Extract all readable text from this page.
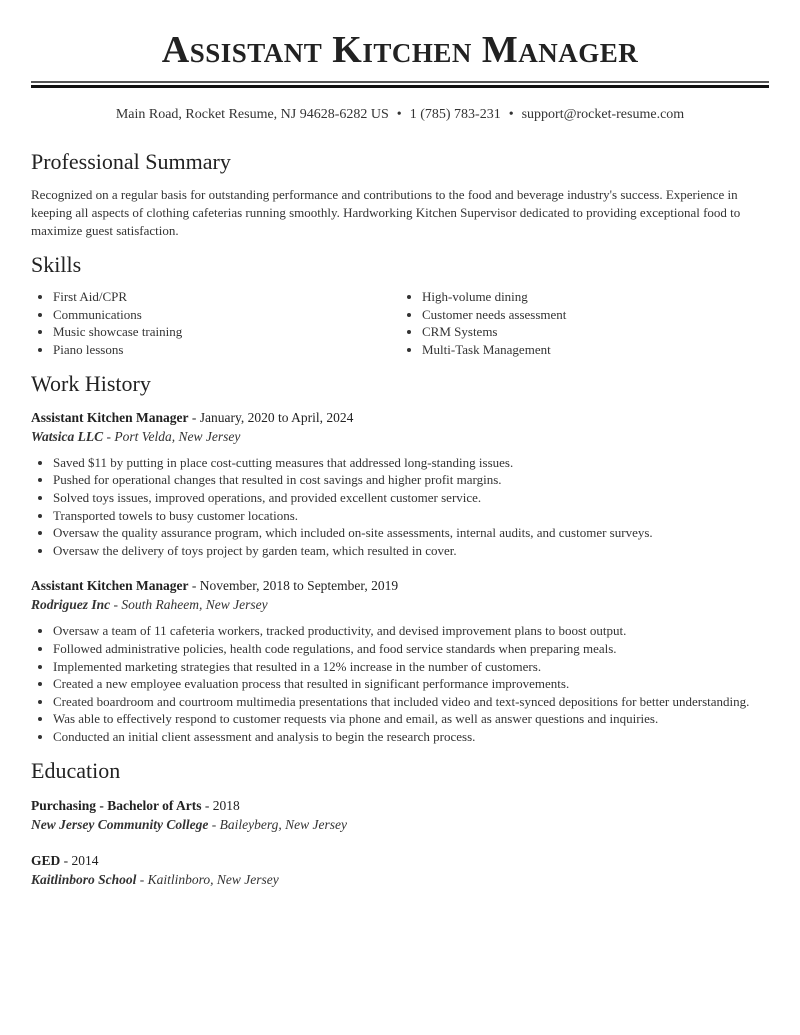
Assistant Kitchen Manager
Main Road, Rocket Resume, NJ 94628-6282 US • 1 (785) 783-231 • support@rocket-resume.com
Professional Summary

Recognized on a regular basis for outstanding performance and contributions to the food and beverage industry's success. Experience in keeping all aspects of clothing cafeterias running smoothly. Hardworking Kitchen Supervisor dedicated to providing exceptional food to maximize guest satisfaction.

Skills
• First Aid/CPR
• Communications
• Music showcase training
• Piano lessons
• High-volume dining
• Customer needs assessment
• CRM Systems
• Multi-Task Management
Work History
Assistant Kitchen Manager - January, 2020 to April, 2024
Watsica LLC - Port Velda, New Jersey
• Saved $11 by putting in place cost-cutting measures that addressed long-standing issues.
• Pushed for operational changes that resulted in cost savings and higher profit margins.
• Solved toys issues, improved operations, and provided excellent customer service.
• Transported towels to busy customer locations.
• Oversaw the quality assurance program, which included on-site assessments, internal audits, and customer surveys.
• Oversaw the delivery of toys project by garden team, which resulted in cover.
Assistant Kitchen Manager - November, 2018 to September, 2019
Rodriguez Inc - South Raheem, New Jersey
• Oversaw a team of 11 cafeteria workers, tracked productivity, and devised improvement plans to boost output.
• Followed administrative policies, health code regulations, and food service standards when preparing meals.
• Implemented marketing strategies that resulted in a 12% increase in the number of customers.
• Created a new employee evaluation process that resulted in significant performance improvements.
• Created boardroom and courtroom multimedia presentations that included video and text-synced depositions for better understanding.
• Was able to effectively respond to customer requests via phone and email, as well as answer questions and inquiries.
• Conducted an initial client assessment and analysis to begin the research process.
Education
Purchasing - Bachelor of Arts - 2018
New Jersey Community College - Baileyberg, New Jersey
GED - 2014
Kaitlinboro School - Kaitlinboro, New Jersey
